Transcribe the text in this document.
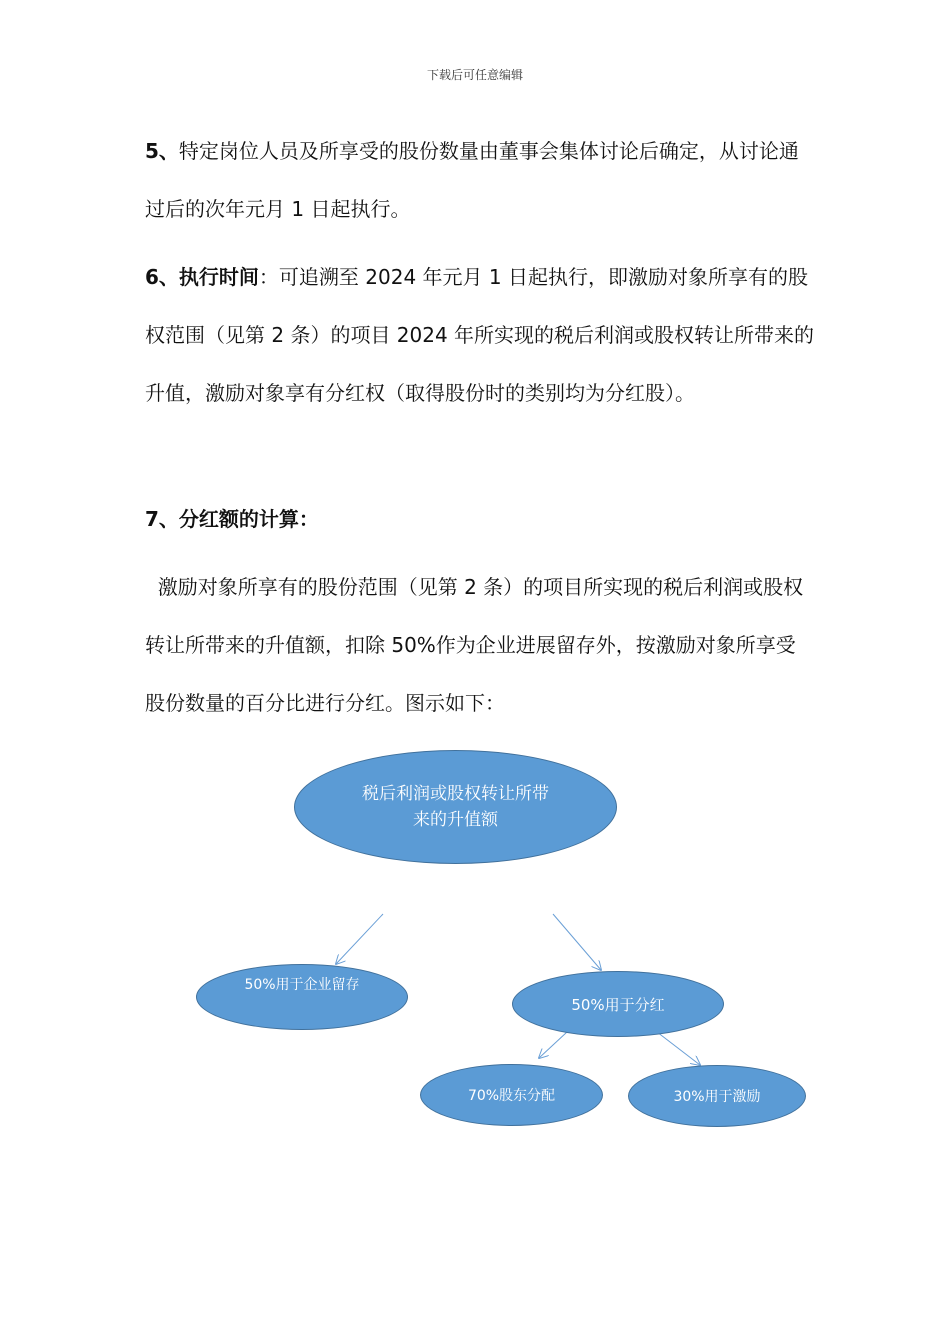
下载后可任意编辑

5、特定岗位人员及所享受的股份数量由董事会集体讨论后确定，从讨论通过后的次年元月 1 日起执行。

6、执行时间：可追溯至 2024 年元月 1 日起执行，即激励对象所享有的股权范围（见第 2 条）的项目 2024 年所实现的税后利润或股权转让所带来的升值，激励对象享有分红权（取得股份时的类别均为分红股）。

7、分红额的计算：

激励对象所享有的股份范围（见第 2 条）的项目所实现的税后利润或股权转让所带来的升值额，扣除 50%作为企业进展留存外，按激励对象所享受股份数量的百分比进行分红。图示如下：

税后利润或股权转让所带来的升值额
50%用于企业留存
50%用于分红
70%股东分配	30%用于激励
